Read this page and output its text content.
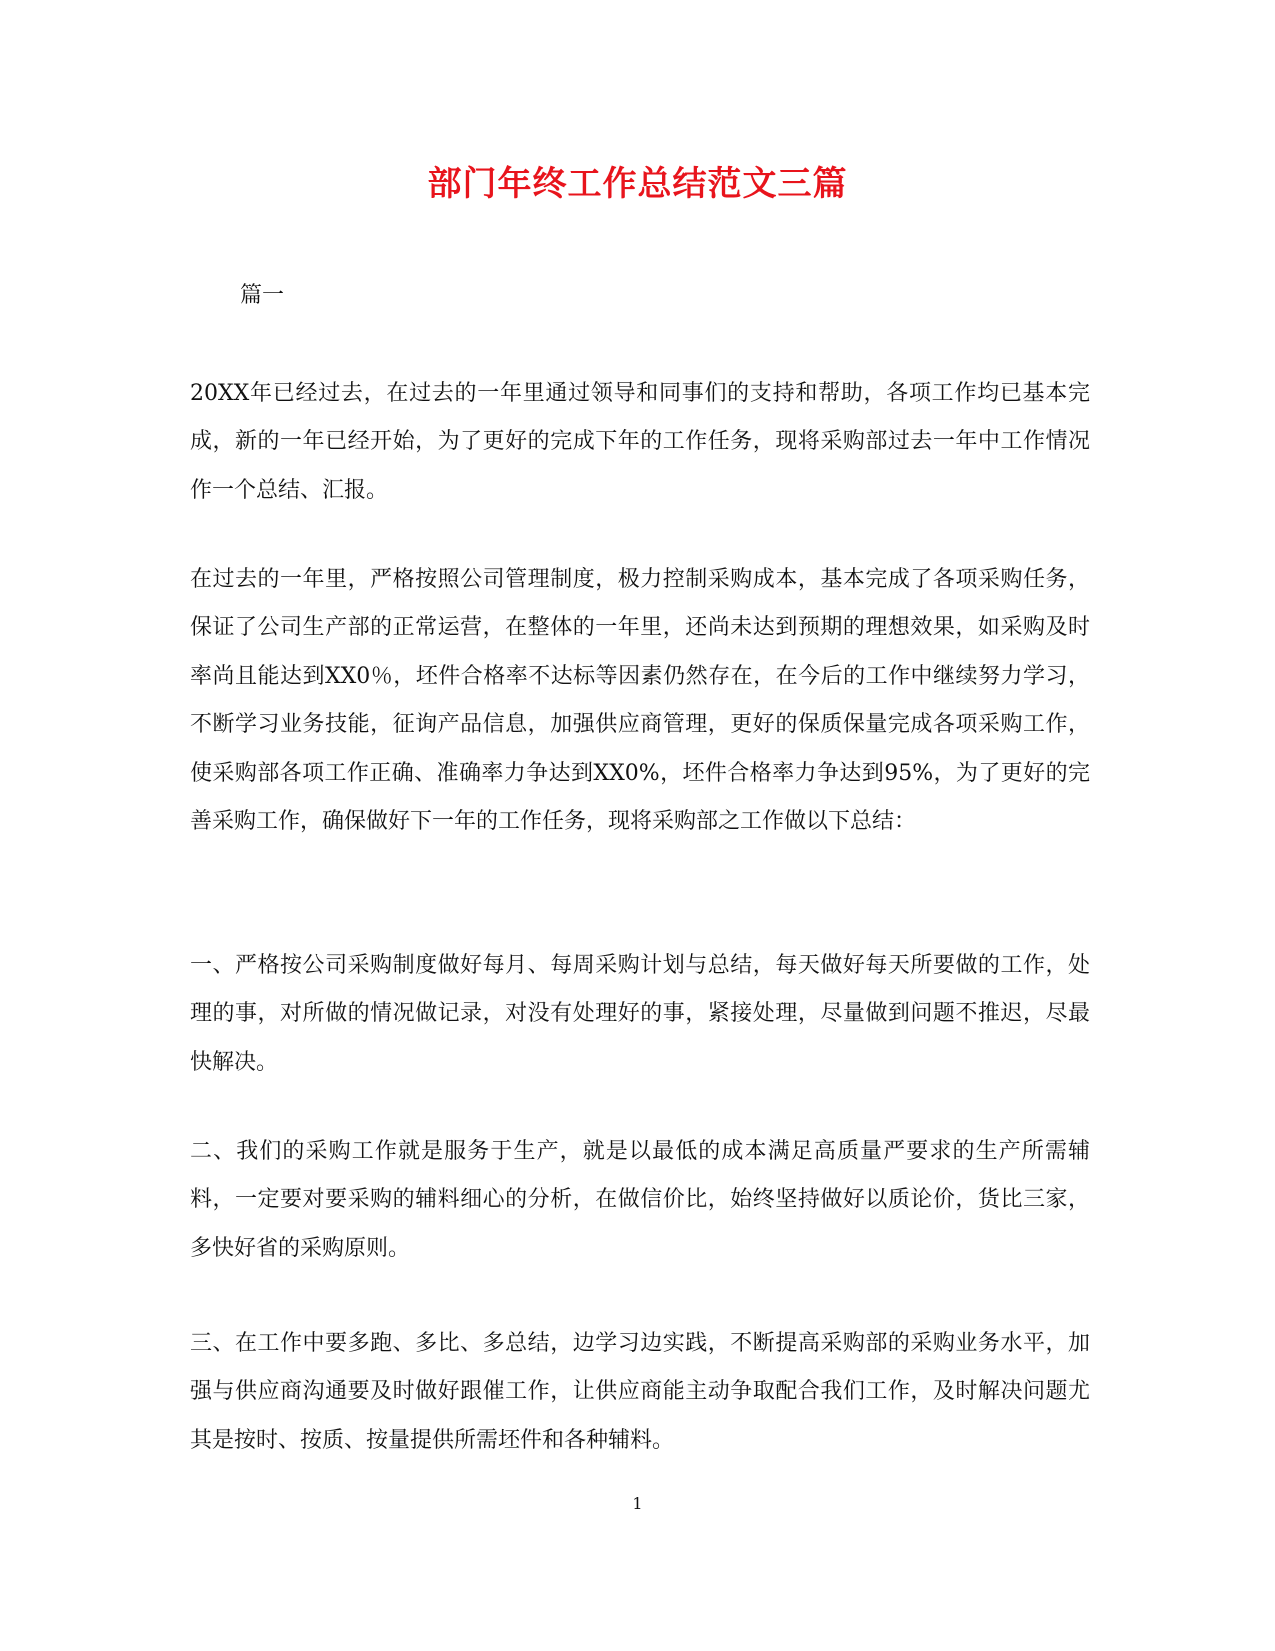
部门年终工作总结范文三篇

篇一

20XX年已经过去，在过去的一年里通过领导和同事们的支持和帮助，各项工作均已基本完成，新的一年已经开始，为了更好的完成下年的工作任务，现将采购部过去一年中工作情况作一个总结、汇报。

在过去的一年里，严格按照公司管理制度，极力控制采购成本，基本完成了各项采购任务，保证了公司生产部的正常运营，在整体的一年里，还尚未达到预期的理想效果，如采购及时率尚且能达到XX0％，坯件合格率不达标等因素仍然存在，在今后的工作中继续努力学习，不断学习业务技能，征询产品信息，加强供应商管理，更好的保质保量完成各项采购工作，使采购部各项工作正确、准确率力争达到XX0%，坯件合格率力争达到95%，为了更好的完善采购工作，确保做好下一年的工作任务，现将采购部之工作做以下总结：

一、严格按公司采购制度做好每月、每周采购计划与总结，每天做好每天所要做的工作，处理的事，对所做的情况做记录，对没有处理好的事，紧接处理，尽量做到问题不推迟，尽最快解决。

二、我们的采购工作就是服务于生产，就是以最低的成本满足高质量严要求的生产所需辅料，一定要对要采购的辅料细心的分析，在做信价比，始终坚持做好以质论价，货比三家，多快好省的采购原则。

三、在工作中要多跑、多比、多总结，边学习边实践，不断提高采购部的采购业务水平，加强与供应商沟通要及时做好跟催工作，让供应商能主动争取配合我们工作，及时解决问题尤其是按时、按质、按量提供所需坯件和各种辅料。

1
